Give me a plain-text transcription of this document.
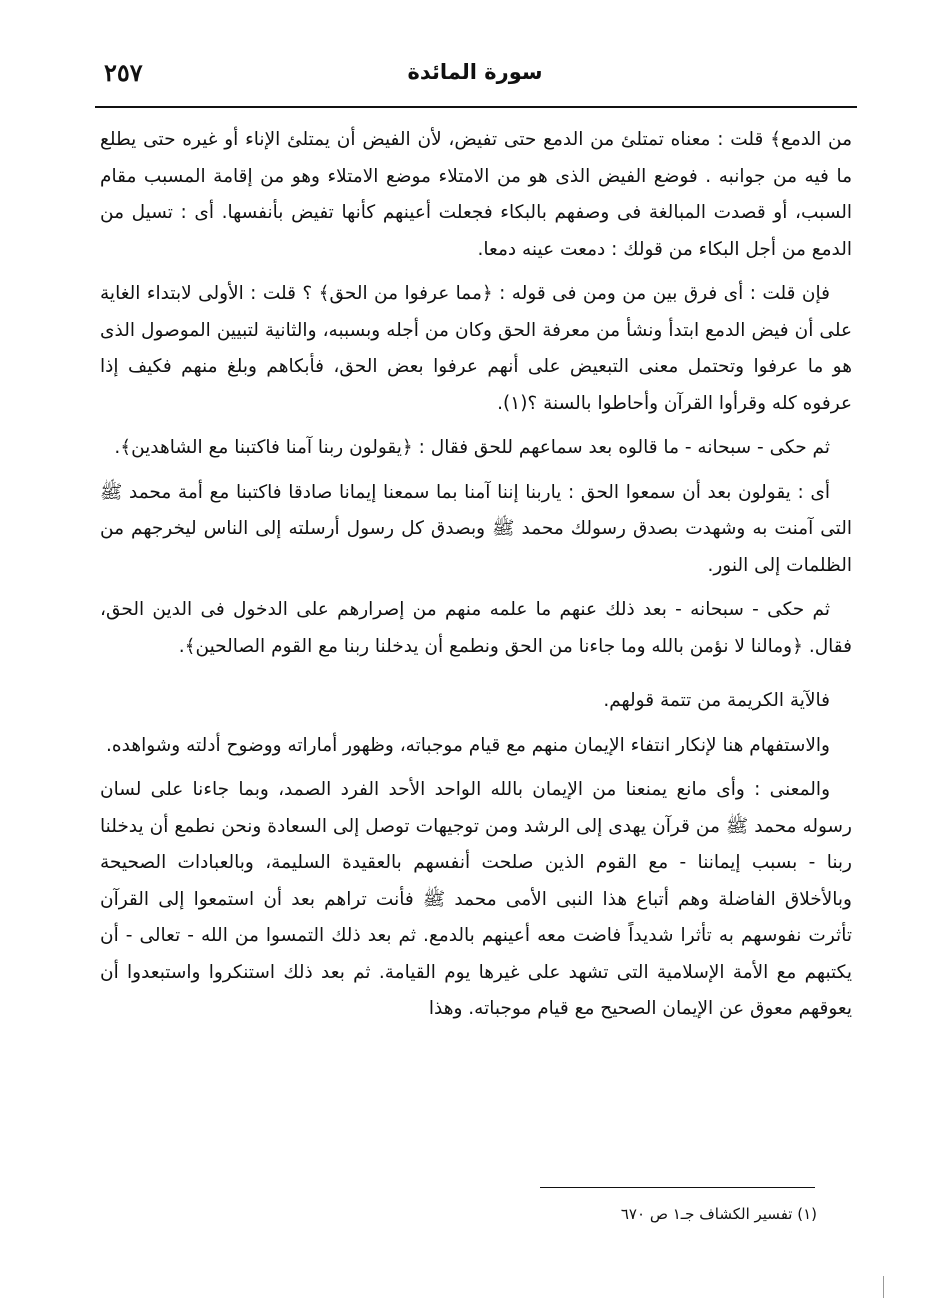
٢٥٧	سورة المائدة

من الدمع﴾ قلت : معناه تمتلئ من الدمع حتى تفيض، لأن الفيض أن يمتلئ الإناء أو غيره حتى يطلع ما فيه من جوانبه . فوضع الفيض الذى هو من الامتلاء موضع الامتلاء وهو من إقامة المسبب مقام السبب، أو قصدت المبالغة فى وصفهم بالبكاء فجعلت أعينهم كأنها تفيض بأنفسها. أى : تسيل من الدمع من أجل البكاء من قولك : دمعت عينه دمعا.

فإن قلت : أى فرق بين من ومن فى قوله : ﴿مما عرفوا من الحق﴾ ؟ قلت : الأولى لابتداء الغاية على أن فيض الدمع ابتدأ ونشأ من معرفة الحق وكان من أجله وبسببه، والثانية لتبيين الموصول الذى هو ما عرفوا وتحتمل معنى التبعيض على أنهم عرفوا بعض الحق، فأبكاهم وبلغ منهم فكيف إذا عرفوه كله وقرأوا القرآن وأحاطوا بالسنة ؟(١).

ثم حكى - سبحانه - ما قالوه بعد سماعهم للحق فقال : ﴿يقولون ربنا آمنا فاكتبنا مع الشاهدين﴾.

أى : يقولون بعد أن سمعوا الحق : ياربنا إننا آمنا بما سمعنا إيمانا صادقا فاكتبنا مع أمة محمد ﷺ التى آمنت به وشهدت بصدق رسولك محمد ﷺ وبصدق كل رسول أرسلته إلى الناس ليخرجهم من الظلمات إلى النور.

ثم حكى - سبحانه - بعد ذلك عنهم ما علمه منهم من إصرارهم على الدخول فى الدين الحق، فقال. ﴿ومالنا لا نؤمن بالله وما جاءنا من الحق ونطمع أن يدخلنا ربنا مع القوم الصالحين﴾.

فالآية الكريمة من تتمة قولهم.

والاستفهام هنا لإنكار انتفاء الإيمان منهم مع قيام موجباته، وظهور أماراته ووضوح أدلته وشواهده.

والمعنى : وأى مانع يمنعنا من الإيمان بالله الواحد الأحد الفرد الصمد، وبما جاءنا على لسان رسوله محمد ﷺ من قرآن يهدى إلى الرشد ومن توجيهات توصل إلى السعادة ونحن نطمع أن يدخلنا ربنا - بسبب إيماننا - مع القوم الذين صلحت أنفسهم بالعقيدة السليمة، وبالعبادات الصحيحة وبالأخلاق الفاضلة وهم أتباع هذا النبى الأمى محمد ﷺ فأنت تراهم بعد أن استمعوا إلى القرآن تأثرت نفوسهم به تأثرا شديداً فاضت معه أعينهم بالدمع. ثم بعد ذلك التمسوا من الله - تعالى - أن يكتبهم مع الأمة الإسلامية التى تشهد على غيرها يوم القيامة. ثم بعد ذلك استنكروا واستبعدوا أن يعوقهم معوق عن الإيمان الصحيح مع قيام موجباته. وهذا

(١) تفسير الكشاف جـ١ ص ٦٧٠
